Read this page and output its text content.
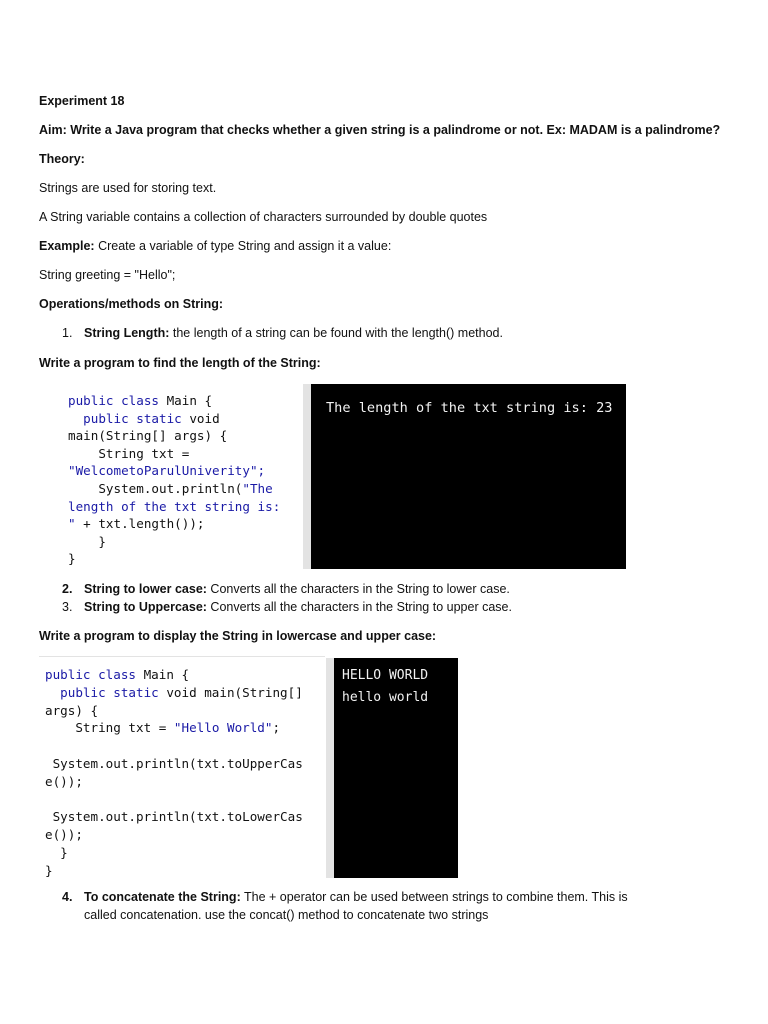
Experiment 18
Aim: Write a Java program that checks whether a given string is a palindrome or not. Ex: MADAM is a palindrome?
Theory:
Strings are used for storing text.
A String variable contains a collection of characters surrounded by double quotes
Example: Create a variable of type String and assign it a value:
String greeting = "Hello";
Operations/methods on String:
1. String Length: the length of a string can be found with the length() method.
Write a program to find the length of the String:
public class Main {
public static void
main(String[] args) {
String txt =
"WelcometoParulUniverity";
System.out.println("The
length of the txt string is:
" + txt.length());
}
}
The length of the txt string is: 23
2. String to lower case: Converts all the characters in the String to lower case.
3. String to Uppercase: Converts all the characters in the String to upper case.
Write a program to display the String in lowercase and upper case:
public class Main {
public static void main(String[]
args) {
String txt = "Hello World";

System.out.println(txt.toUpperCas
e());

System.out.println(txt.toLowerCas
e());
}
}
HELLO WORLD
hello world
4. To concatenate the String: The + operator can be used between strings to combine them. This is
called concatenation. use the concat() method to concatenate two strings
